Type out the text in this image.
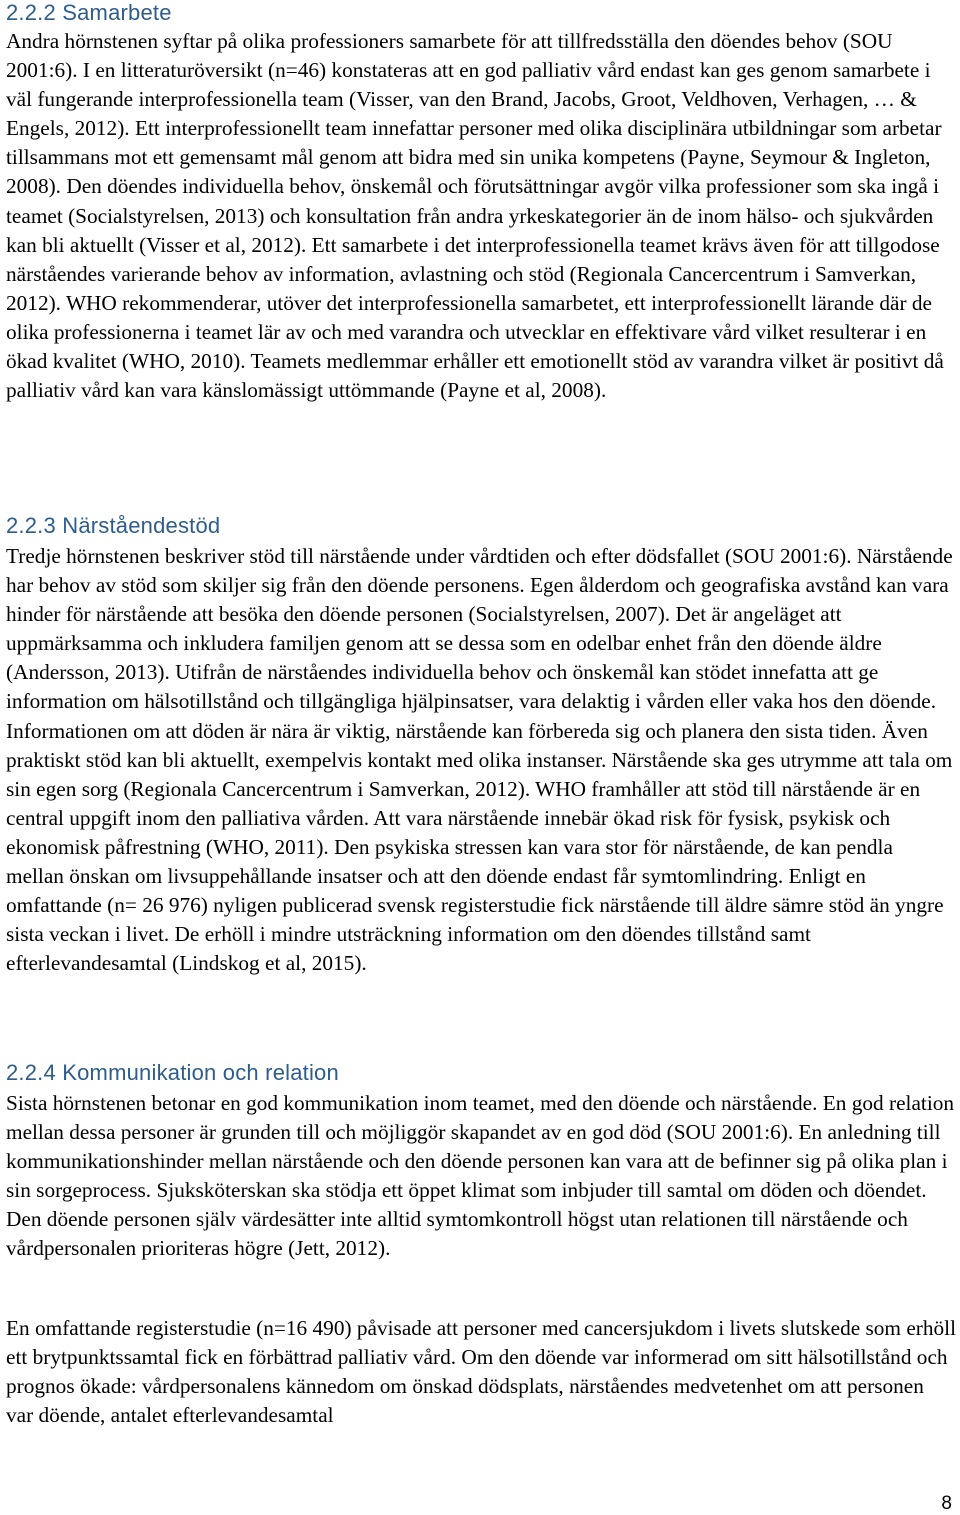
2.2.2 Samarbete

Andra hörnstenen syftar på olika professioners samarbete för att tillfredsställa den döendes behov (SOU 2001:6). I en litteraturöversikt (n=46) konstateras att en god palliativ vård endast kan ges genom samarbete i väl fungerande interprofessionella team (Visser, van den Brand, Jacobs, Groot, Veldhoven, Verhagen, … & Engels, 2012). Ett interprofessionellt team innefattar personer med olika disciplinära utbildningar som arbetar tillsammans mot ett gemensamt mål genom att bidra med sin unika kompetens (Payne, Seymour & Ingleton, 2008). Den döendes individuella behov, önskemål och förutsättningar avgör vilka professioner som ska ingå i teamet (Socialstyrelsen, 2013) och konsultation från andra yrkeskategorier än de inom hälso- och sjukvården kan bli aktuellt (Visser et al, 2012). Ett samarbete i det interprofessionella teamet krävs även för att tillgodose närståendes varierande behov av information, avlastning och stöd (Regionala Cancercentrum i Samverkan, 2012). WHO rekommenderar, utöver det interprofessionella samarbetet, ett interprofessionellt lärande där de olika professionerna i teamet lär av och med varandra och utvecklar en effektivare vård vilket resulterar i en ökad kvalitet (WHO, 2010). Teamets medlemmar erhåller ett emotionellt stöd av varandra vilket är positivt då palliativ vård kan vara känslomässigt uttömmande (Payne et al, 2008).

2.2.3 Närståendestöd

Tredje hörnstenen beskriver stöd till närstående under vårdtiden och efter dödsfallet (SOU 2001:6). Närstående har behov av stöd som skiljer sig från den döende personens. Egen ålderdom och geografiska avstånd kan vara hinder för närstående att besöka den döende personen (Socialstyrelsen, 2007). Det är angeläget att uppmärksamma och inkludera familjen genom att se dessa som en odelbar enhet från den döende äldre (Andersson, 2013). Utifrån de närståendes individuella behov och önskemål kan stödet innefatta att ge information om hälsotillstånd och tillgängliga hjälpinsatser, vara delaktig i vården eller vaka hos den döende. Informationen om att döden är nära är viktig, närstående kan förbereda sig och planera den sista tiden. Även praktiskt stöd kan bli aktuellt, exempelvis kontakt med olika instanser. Närstående ska ges utrymme att tala om sin egen sorg (Regionala Cancercentrum i Samverkan, 2012). WHO framhåller att stöd till närstående är en central uppgift inom den palliativa vården. Att vara närstående innebär ökad risk för fysisk, psykisk och ekonomisk påfrestning (WHO, 2011). Den psykiska stressen kan vara stor för närstående, de kan pendla mellan önskan om livsuppehållande insatser och att den döende endast får symtomlindring. Enligt en omfattande (n= 26 976) nyligen publicerad svensk registerstudie fick närstående till äldre sämre stöd än yngre sista veckan i livet. De erhöll i mindre utsträckning information om den döendes tillstånd samt efterlevandesamtal (Lindskog et al, 2015).

2.2.4 Kommunikation och relation

Sista hörnstenen betonar en god kommunikation inom teamet, med den döende och närstående. En god relation mellan dessa personer är grunden till och möjliggör skapandet av en god död (SOU 2001:6). En anledning till kommunikationshinder mellan närstående och den döende personen kan vara att de befinner sig på olika plan i sin sorgeprocess. Sjuksköterskan ska stödja ett öppet klimat som inbjuder till samtal om döden och döendet. Den döende personen själv värdesätter inte alltid symtomkontroll högst utan relationen till närstående och vårdpersonalen prioriteras högre (Jett, 2012).

En omfattande registerstudie (n=16 490) påvisade att personer med cancersjukdom i livets slutskede som erhöll ett brytpunktssamtal fick en förbättrad palliativ vård. Om den döende var informerad om sitt hälsotillstånd och prognos ökade: vårdpersonalens kännedom om önskad dödsplats, närståendes medvetenhet om att personen var döende, antalet efterlevandesamtal

8
